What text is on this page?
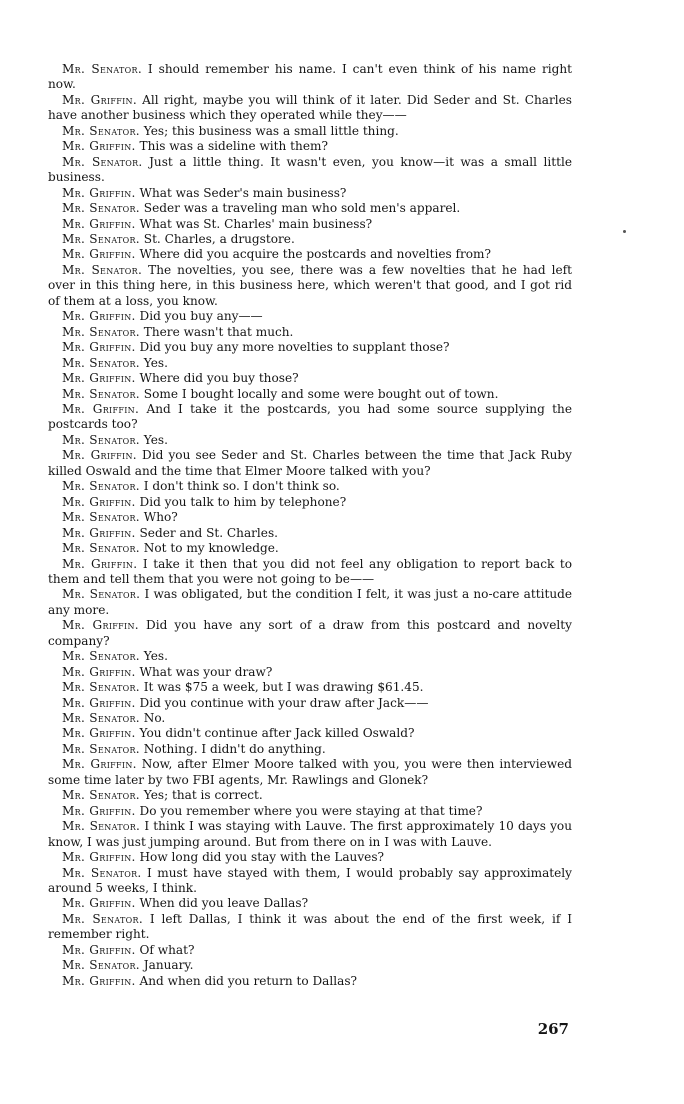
Mr. Senator. I should remember his name. I can't even think of his name right now.

Mr. Griffin. All right, maybe you will think of it later. Did Seder and St. Charles have another business which they operated while they——

Mr. Senator. Yes; this business was a small little thing.

Mr. Griffin. This was a sideline with them?

Mr. Senator. Just a little thing. It wasn't even, you know—it was a small little business.

Mr. Griffin. What was Seder's main business?

Mr. Senator. Seder was a traveling man who sold men's apparel.

Mr. Griffin. What was St. Charles' main business?

Mr. Senator. St. Charles, a drugstore.

Mr. Griffin. Where did you acquire the postcards and novelties from?

Mr. Senator. The novelties, you see, there was a few novelties that he had left over in this thing here, in this business here, which weren't that good, and I got rid of them at a loss, you know.

Mr. Griffin. Did you buy any——

Mr. Senator. There wasn't that much.

Mr. Griffin. Did you buy any more novelties to supplant those?

Mr. Senator. Yes.

Mr. Griffin. Where did you buy those?

Mr. Senator. Some I bought locally and some were bought out of town.

Mr. Griffin. And I take it the postcards, you had some source supplying the postcards too?

Mr. Senator. Yes.

Mr. Griffin. Did you see Seder and St. Charles between the time that Jack Ruby killed Oswald and the time that Elmer Moore talked with you?

Mr. Senator. I don't think so. I don't think so.

Mr. Griffin. Did you talk to him by telephone?

Mr. Senator. Who?

Mr. Griffin. Seder and St. Charles.

Mr. Senator. Not to my knowledge.

Mr. Griffin. I take it then that you did not feel any obligation to report back to them and tell them that you were not going to be——

Mr. Senator. I was obligated, but the condition I felt, it was just a no-care attitude any more.

Mr. Griffin. Did you have any sort of a draw from this postcard and novelty company?

Mr. Senator. Yes.

Mr. Griffin. What was your draw?

Mr. Senator. It was $75 a week, but I was drawing $61.45.

Mr. Griffin. Did you continue with your draw after Jack——

Mr. Senator. No.

Mr. Griffin. You didn't continue after Jack killed Oswald?

Mr. Senator. Nothing. I didn't do anything.

Mr. Griffin. Now, after Elmer Moore talked with you, you were then interviewed some time later by two FBI agents, Mr. Rawlings and Glonek?

Mr. Senator. Yes; that is correct.

Mr. Griffin. Do you remember where you were staying at that time?

Mr. Senator. I think I was staying with Lauve. The first approximately 10 days you know, I was just jumping around. But from there on in I was with Lauve.

Mr. Griffin. How long did you stay with the Lauves?

Mr. Senator. I must have stayed with them, I would probably say approximately around 5 weeks, I think.

Mr. Griffin. When did you leave Dallas?

Mr. Senator. I left Dallas, I think it was about the end of the first week, if I remember right.

Mr. Griffin. Of what?

Mr. Senator. January.

Mr. Griffin. And when did you return to Dallas?

267
